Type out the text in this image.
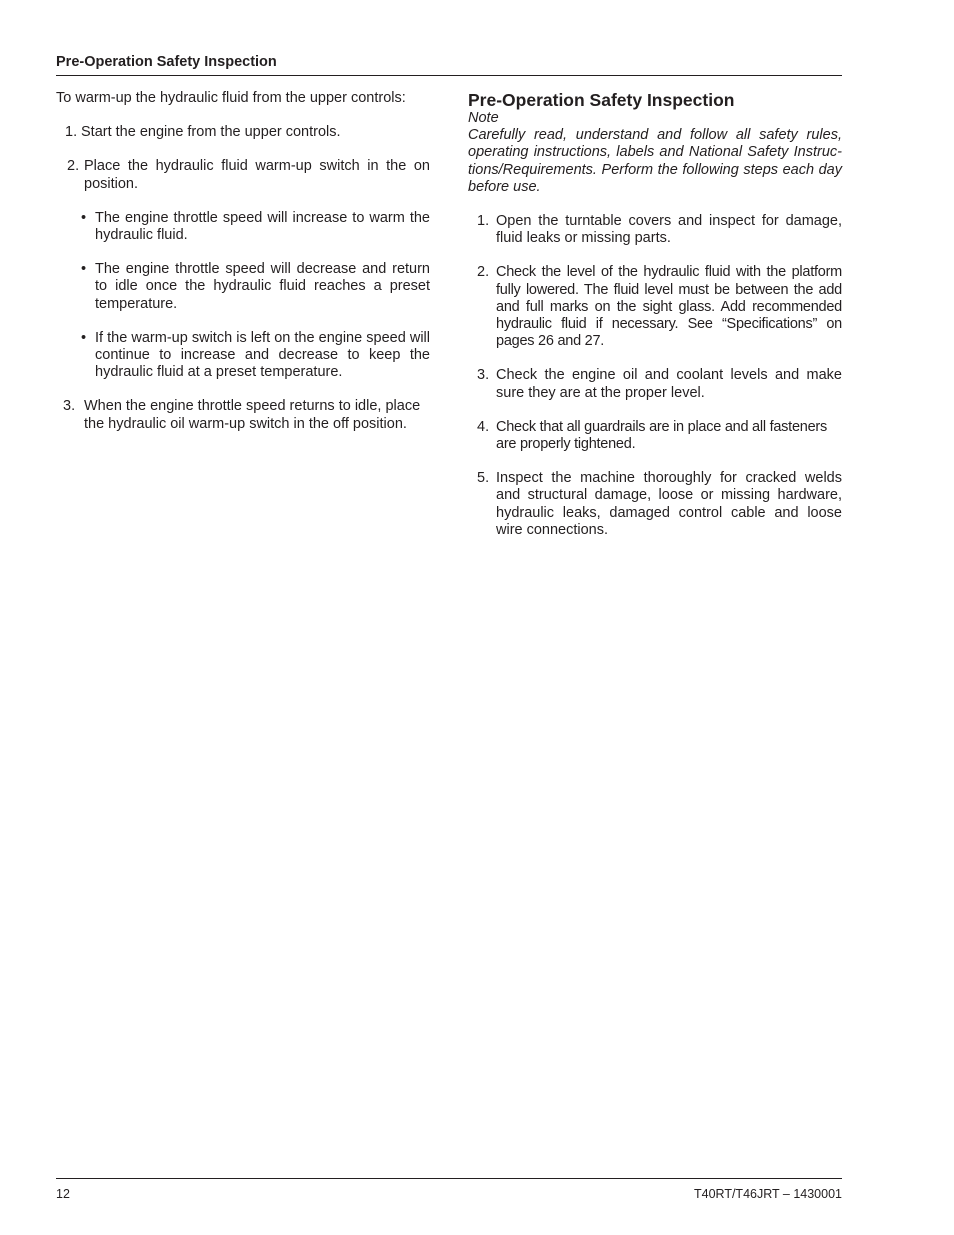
Pre-Operation Safety Inspection

To warm-up the hydraulic fluid from the upper controls:

1. Start the engine from the upper controls.
2. Place the hydraulic fluid warm-up switch in the on position.
• The engine throttle speed will increase to warm the hydraulic fluid.
• The engine throttle speed will decrease and return to idle once the hydraulic fluid reaches a preset temperature.
• If the warm-up switch is left on the engine speed will continue to increase and decrease to keep the hydraulic fluid at a preset temperature.
3. When the engine throttle speed returns to idle, place the hydraulic oil warm-up switch in the off position.

Pre-Operation Safety Inspection

Note

Carefully read, understand and follow all safety rules, operating instructions, labels and National Safety Instruc-tions/Requirements. Perform the following steps each day before use.

1. Open the turntable covers and inspect for damage, fluid leaks or missing parts.
2. Check the level of the hydraulic fluid with the platform fully lowered. The fluid level must be between the add and full marks on the sight glass. Add recommended hydraulic fluid if necessary. See “Specifications” on pages 26 and 27.
3. Check the engine oil and coolant levels and make sure they are at the proper level.
4. Check that all guardrails are in place and all fasteners are properly tightened.
5. Inspect the machine thoroughly for cracked welds and structural damage, loose or missing hardware, hydraulic leaks, damaged control cable and loose wire connections.
12	T40RT/T46JRT – 1430001
